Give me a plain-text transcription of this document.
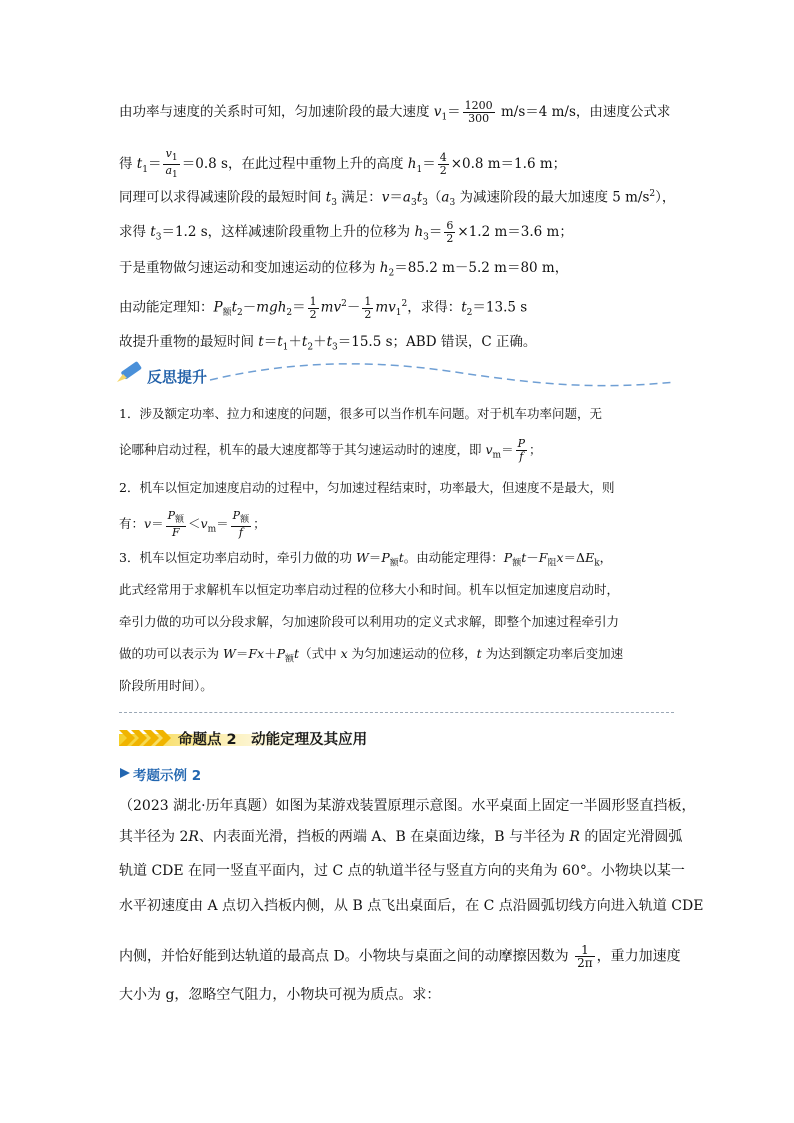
由功率与速度的关系时可知，匀加速阶段的最大速度 $v_1= \frac{1200}{300} m/s=4$ m/s，由速度公式求
得 $t_1= \frac{v_1}{a_1} =0.8$ s，在此过程中重物上升的高度 $h_1= \frac{4}{2} \times 0.8$ m＝1.6 m；
同理可以求得减速阶段的最短时间 $t_3$ 满足：$v=a_3t_3(a_3$ 为减速阶段的最大加速度 5 $m/s^2$），
求得 $t_3=1.2$ s，这样减速阶段重物上升的位移为 $h_3= \frac{6}{2} \times 1.2$ m＝3.6 m；
于是重物做匀速运动和变加速运动的位移为 $h_2=85.2$ m－5.2 m＝80 m，
由动能定理知：$P_额t_2-mgh_2= \frac{1}{2} mv^2- \frac{1}{2} mv_1^2$，求得：$t_2=13.5$ s
故提升重物的最短时间 $t=t_1+t_2+t_3=15.5$ s；ABD 错误，C 正确。
反思提升
1．涉及额定功率、拉力和速度的问题，很多可以当作机车问题。对于机车功率问题，无
论哪种启动过程，机车的最大速度都等于其匀速运动时的速度，即 $v_m= \frac{P}{f}$ ；
2．机车以恒定加速度启动的过程中，匀加速过程结束时，功率最大，但速度不是最大，则
有：$v= \frac{P_额}{F} <v_m= \frac{P_额}{f}$ ；
3．机车以恒定功率启动时，牵引力做的功 $W=P_额t$。由动能定理得：$P_额t-F_阻x=\Delta E_k$，
此式经常用于求解机车以恒定功率启动过程的位移大小和时间。机车以恒定加速度启动时，
牵引力做的功可以分段求解，匀加速阶段可以利用功的定义式求解，即整个加速过程牵引力
做的功可以表示为 $W=Fx+P_额t$（式中 x 为匀加速运动的位移，t 为达到额定功率后变加速
阶段所用时间）。
命题点 2　动能定理及其应用
考题示例 2
（2023 湖北·历年真题）如图为某游戏装置原理示意图。水平桌面上固定一半圆形竖直挡板，
其半径为 2R、内表面光滑，挡板的两端 A、B 在桌面边缘，B 与半径为 R 的固定光滑圆弧
轨道 CDE 在同一竖直平面内，过 C 点的轨道半径与竖直方向的夹角为 60°。小物块以某一
水平初速度由 A 点切入挡板内侧，从 B 点飞出桌面后，在 C 点沿圆弧切线方向进入轨道 CDE
内侧，并恰好能到达轨道的最高点 D。小物块与桌面之间的动摩擦因数为 $\frac{1}{2\pi}$ ，重力加速度
大小为 g，忽略空气阻力，小物块可视为质点。求：
